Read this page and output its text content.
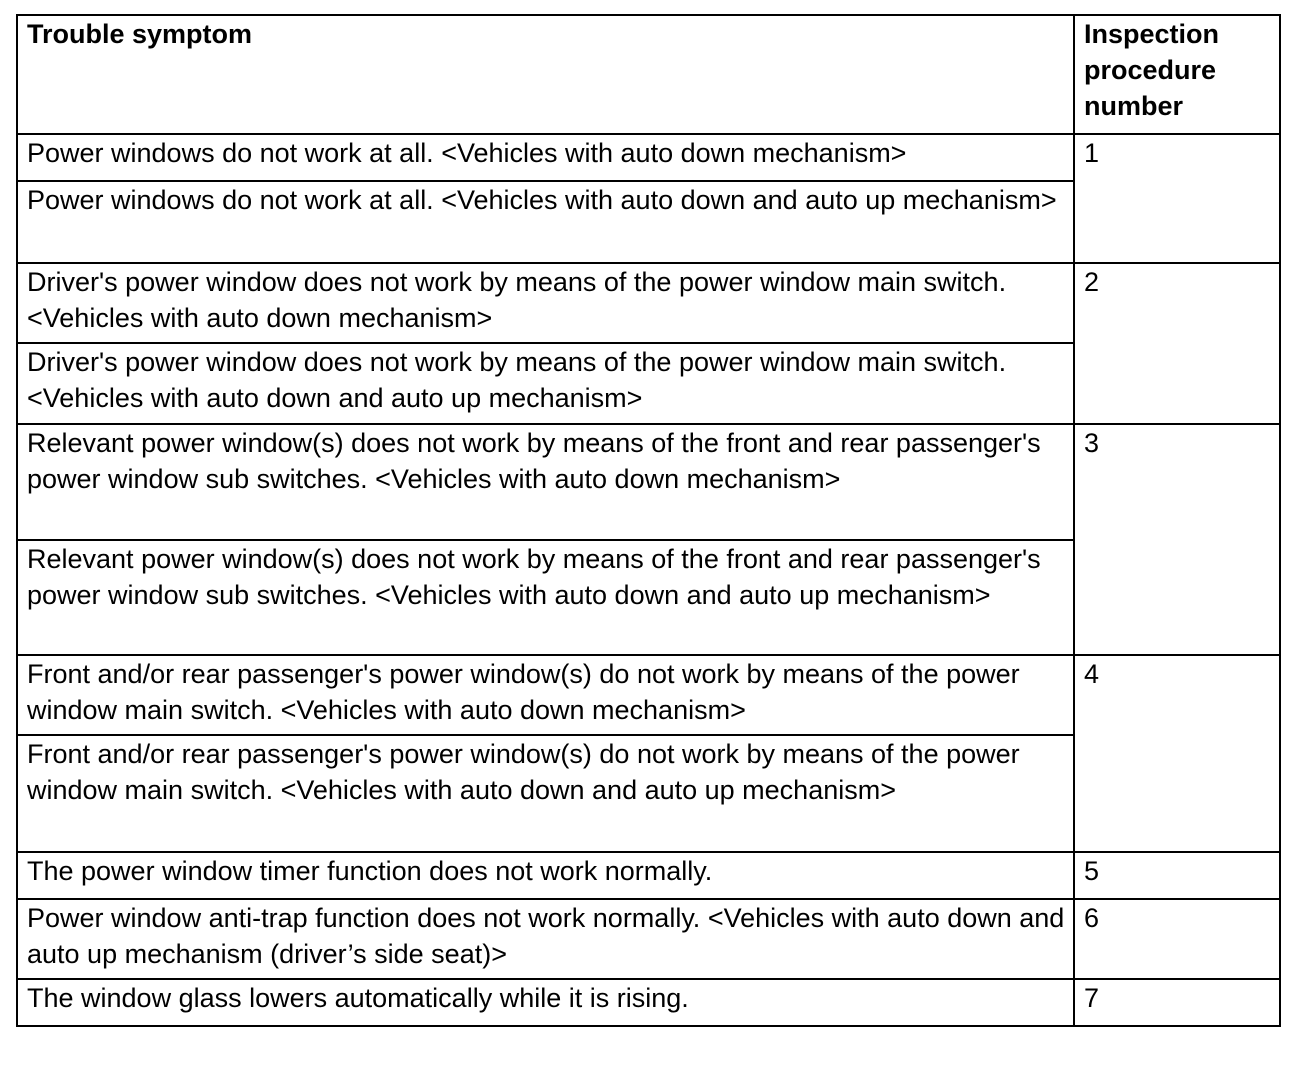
Trouble symptom	Inspection procedure number
Power windows do not work at all. <Vehicles with auto down mechanism>	1
Power windows do not work at all. <Vehicles with auto down and auto up mechanism>	
Driver's power window does not work by means of the power window main switch. <Vehicles with auto down mechanism>	2
Driver's power window does not work by means of the power window main switch. <Vehicles with auto down and auto up mechanism>	
Relevant power window(s) does not work by means of the front and rear passenger's power window sub switches. <Vehicles with auto down mechanism>	3
Relevant power window(s) does not work by means of the front and rear passenger's power window sub switches. <Vehicles with auto down and auto up mechanism>	
Front and/or rear passenger's power window(s) do not work by means of the power window main switch. <Vehicles with auto down mechanism>	4
Front and/or rear passenger's power window(s) do not work by means of the power window main switch. <Vehicles with auto down and auto up mechanism>	
The power window timer function does not work normally.	5
Power window anti-trap function does not work normally. <Vehicles with auto down and auto up mechanism (driver’s side seat)>	6
The window glass lowers automatically while it is rising.	7
